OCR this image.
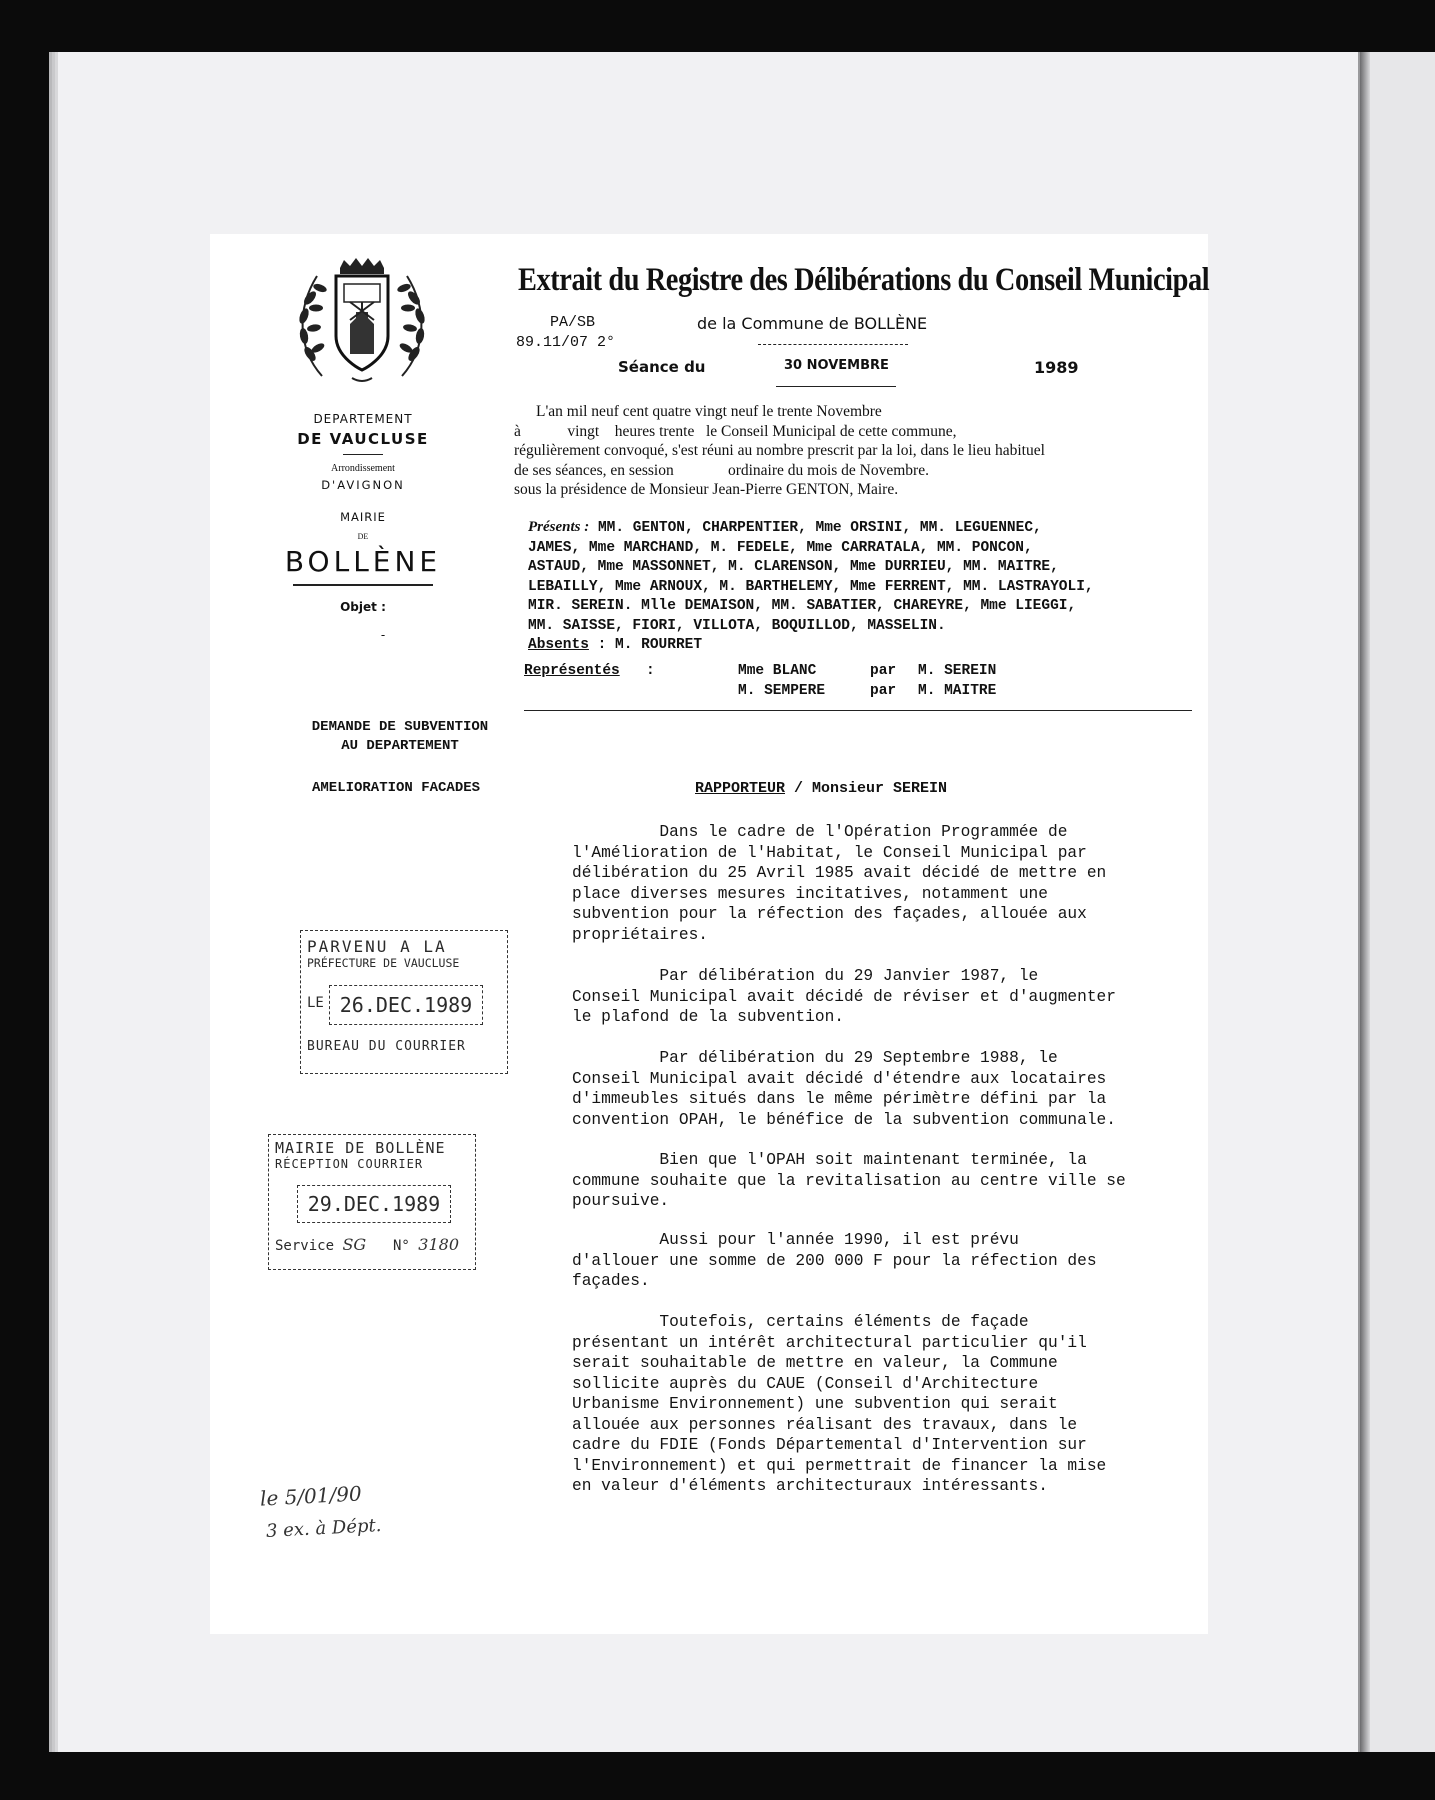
DEPARTEMENT
DE VAUCLUSE
Arrondissement
D'AVIGNON
MAIRIE
DE
BOLLÈNE
Objet :
-
DEMANDE DE SUBVENTION
AU DEPARTEMENT
AMELIORATION FACADES
Extrait du Registre des Délibérations du Conseil Municipal
PA/SB
89.11/07 2°
de la Commune de BOLLÈNE
Séance du	30 NOVEMBRE	1989
L'an mil neuf cent quatre vingt neuf le trente Novembre
à            vingt    heures trente   le Conseil Municipal de cette commune,
régulièrement convoqué, s'est réuni au nombre prescrit par la loi, dans le lieu habituel
de ses séances, en session              ordinaire du mois de Novembre.
sous la présidence de Monsieur Jean-Pierre GENTON, Maire.
Présents : MM. GENTON, CHARPENTIER, Mme ORSINI, MM. LEGUENNEC,
JAMES, Mme MARCHAND, M. FEDELE, Mme CARRATALA, MM. PONCON,
ASTAUD, Mme MASSONNET, M. CLARENSON, Mme DURRIEU, MM. MAITRE,
LEBAILLY, Mme ARNOUX, M. BARTHELEMY, Mme FERRENT, MM. LASTRAYOLI,
MIR. SEREIN. Mlle DEMAISON, MM. SABATIER, CHAREYRE, Mme LIEGGI,
MM. SAISSE, FIORI, VILLOTA, BOQUILLOD, MASSELIN.
Absents : M. ROURRET
Représentés :	Mme BLANC	par M. SEREIN
M. SEMPERE	par M. MAITRE
RAPPORTEUR / Monsieur SEREIN
Dans le cadre de l'Opération Programmée de
l'Amélioration de l'Habitat, le Conseil Municipal par
délibération du 25 Avril 1985 avait décidé de mettre en
place diverses mesures incitatives, notamment une
subvention pour la réfection des façades, allouée aux
propriétaires.
Par délibération du 29 Janvier 1987, le
Conseil Municipal avait décidé de réviser et d'augmenter
le plafond de la subvention.
Par délibération du 29 Septembre 1988, le
Conseil Municipal avait décidé d'étendre aux locataires
d'immeubles situés dans le même périmètre défini par la
convention OPAH, le bénéfice de la subvention communale.
Bien que l'OPAH soit maintenant terminée, la
commune souhaite que la revitalisation au centre ville se
poursuive.
Aussi pour l'année 1990, il est prévu
d'allouer une somme de 200 000 F pour la réfection des
façades.
Toutefois, certains éléments de façade
présentant un intérêt architectural particulier qu'il
serait souhaitable de mettre en valeur, la Commune
sollicite auprès du CAUE (Conseil d'Architecture
Urbanisme Environnement) une subvention qui serait
allouée aux personnes réalisant des travaux, dans le
cadre du FDIE (Fonds Départemental d'Intervention sur
l'Environnement) et qui permettrait de financer la mise
en valeur d'éléments architecturaux intéressants.
PARVENU A LA
PRÉFECTURE DE VAUCLUSE
LE 26.DEC.1989
BUREAU DU COURRIER
MAIRIE DE BOLLÈNE
RÉCEPTION COURRIER
29.DEC.1989
Service SG N° 3180
le 5/01/90
3 ex. à Dépt.
